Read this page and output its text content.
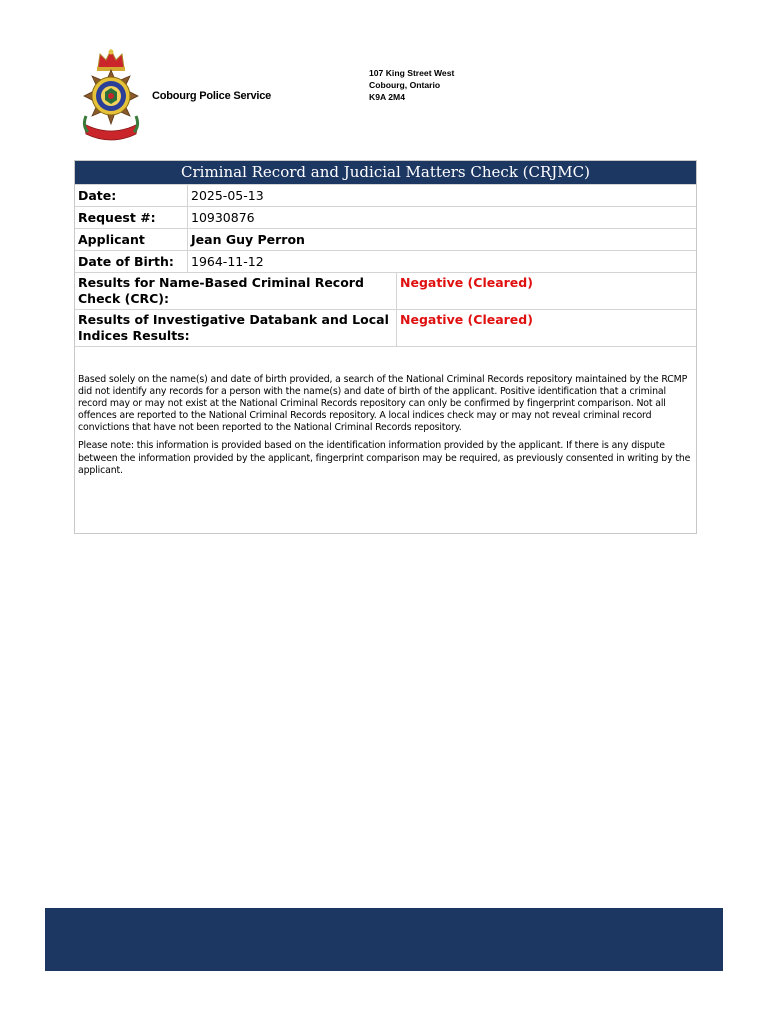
Cobourg Police Service
107 King Street West
Cobourg, Ontario
K9A 2M4
Criminal Record and Judicial Matters Check (CRJMC)
Date:	2025-05-13
Request #:	10930876
Applicant	Jean Guy Perron
Date of Birth:	1964-11-12
Results for Name-Based Criminal Record Check (CRC):
Negative (Cleared)
Results of Investigative Databank and Local Indices Results:
Negative (Cleared)

Based solely on the name(s) and date of birth provided, a search of the National Criminal Records repository maintained by the RCMP did not identify any records for a person with the name(s) and date of birth of the applicant. Positive identification that a criminal record may or may not exist at the National Criminal Records repository can only be confirmed by fingerprint comparison. Not all offences are reported to the National Criminal Records repository. A local indices check may or may not reveal criminal record convictions that have not been reported to the National Criminal Records repository.

Please note: this information is provided based on the identification information provided by the applicant. If there is any dispute between the information provided by the applicant, fingerprint comparison may be required, as previously consented in writing by the applicant.
